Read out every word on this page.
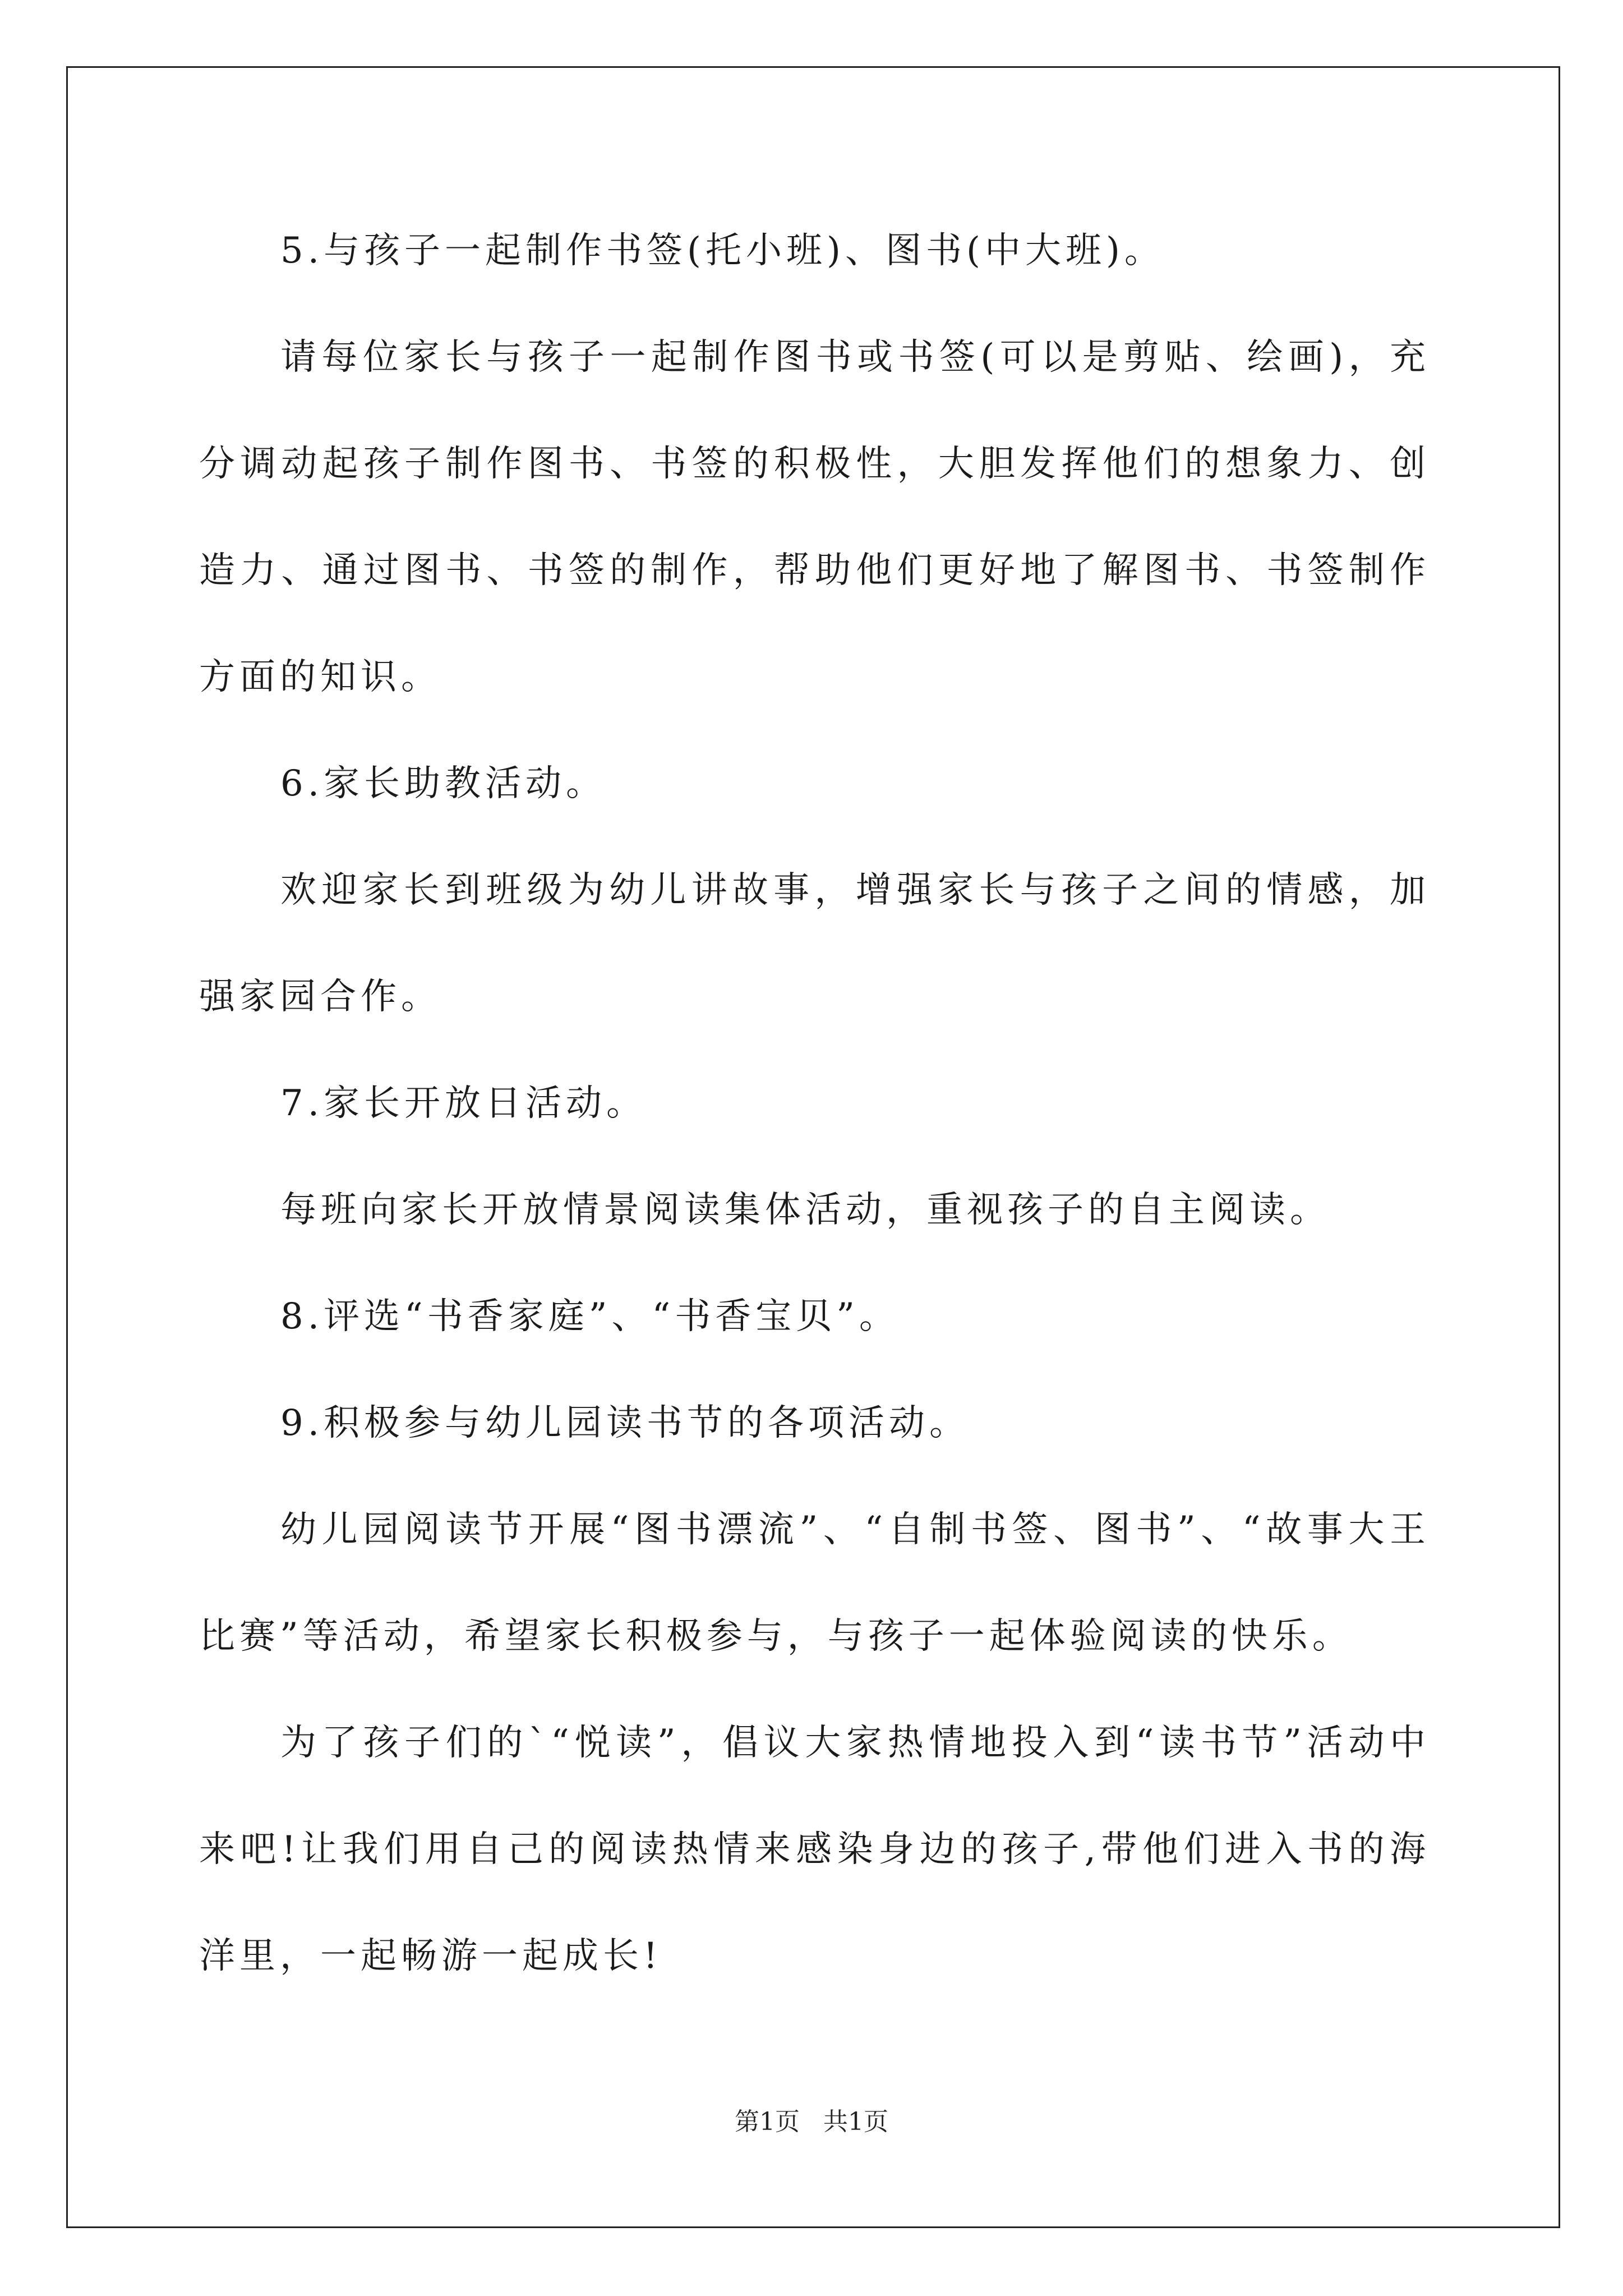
5.与孩子一起制作书签(托小班)、图书(中大班)。

请每位家长与孩子一起制作图书或书签(可以是剪贴、绘画)，充分调动起孩子制作图书、书签的积极性，大胆发挥他们的想象力、创造力、通过图书、书签的制作，帮助他们更好地了解图书、书签制作方面的知识。

6.家长助教活动。

欢迎家长到班级为幼儿讲故事，增强家长与孩子之间的情感，加强家园合作。

7.家长开放日活动。

每班向家长开放情景阅读集体活动，重视孩子的自主阅读。

8.评选“书香家庭”、“书香宝贝”。

9.积极参与幼儿园读书节的各项活动。

幼儿园阅读节开展“图书漂流”、“自制书签、图书”、“故事大王比赛”等活动，希望家长积极参与，与孩子一起体验阅读的快乐。

为了孩子们的`“悦读”，倡议大家热情地投入到“读书节”活动中来吧!让我们用自己的阅读热情来感染身边的孩子,带他们进入书的海洋里，一起畅游一起成长!

第1页 共1页
